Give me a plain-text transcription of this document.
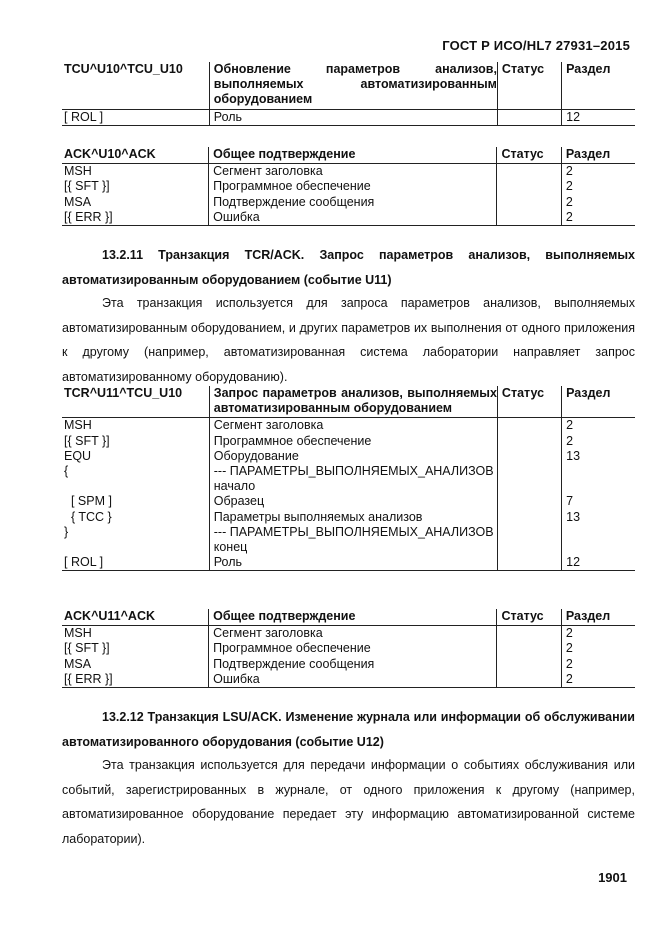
ГОСТ Р ИСО/HL7 27931–2015
TCU^U10^TCU_U10	Обновление параметров анализов, выполняемых автоматизированным оборудованием	Статус	Раздел
[ ROL ]	Роль		12
ACK^U10^ACK	Общее подтверждение	Статус	Раздел
MSH	Сегмент заголовка		2
[{ SFT }]	Программное обеспечение		2
MSA	Подтверждение сообщения		2
[{ ERR }]	Ошибка		2

13.2.11 Транзакция TCR/ACK. Запрос параметров анализов, выполняемых автоматизированным оборудованием (событие U11)

Эта транзакция используется для запроса параметров анализов, выполняемых автоматизированным оборудованием, и других параметров их выполнения от одного приложения к другому (например, автоматизированная система лаборатории направляет запрос автоматизированному оборудованию).

TCR^U11^TCU_U10	Запрос параметров анализов, выполняемых автоматизированным оборудованием	Статус	Раздел
MSH	Сегмент заголовка		2
[{ SFT }]	Программное обеспечение		2
EQU	Оборудование		13
{	--- ПАРАМЕТРЫ_ВЫПОЛНЯЕМЫХ_АНАЛИЗОВ начало		
[ SPM ]	Образец		7
{ TCC }	Параметры выполняемых анализов		13
}	--- ПАРАМЕТРЫ_ВЫПОЛНЯЕМЫХ_АНАЛИЗОВ конец		
[ ROL ]	Роль		12
ACK^U11^ACK	Общее подтверждение	Статус	Раздел
MSH	Сегмент заголовка		2
[{ SFT }]	Программное обеспечение		2
MSA	Подтверждение сообщения		2
[{ ERR }]	Ошибка		2

13.2.12 Транзакция LSU/ACK. Изменение журнала или информации об обслуживании автоматизированного оборудования (событие U12)

Эта транзакция используется для передачи информации о событиях обслуживания или событий, зарегистрированных в журнале, от одного приложения к другому (например, автоматизированное оборудование передает эту информацию автоматизированной системе лаборатории).

1901
